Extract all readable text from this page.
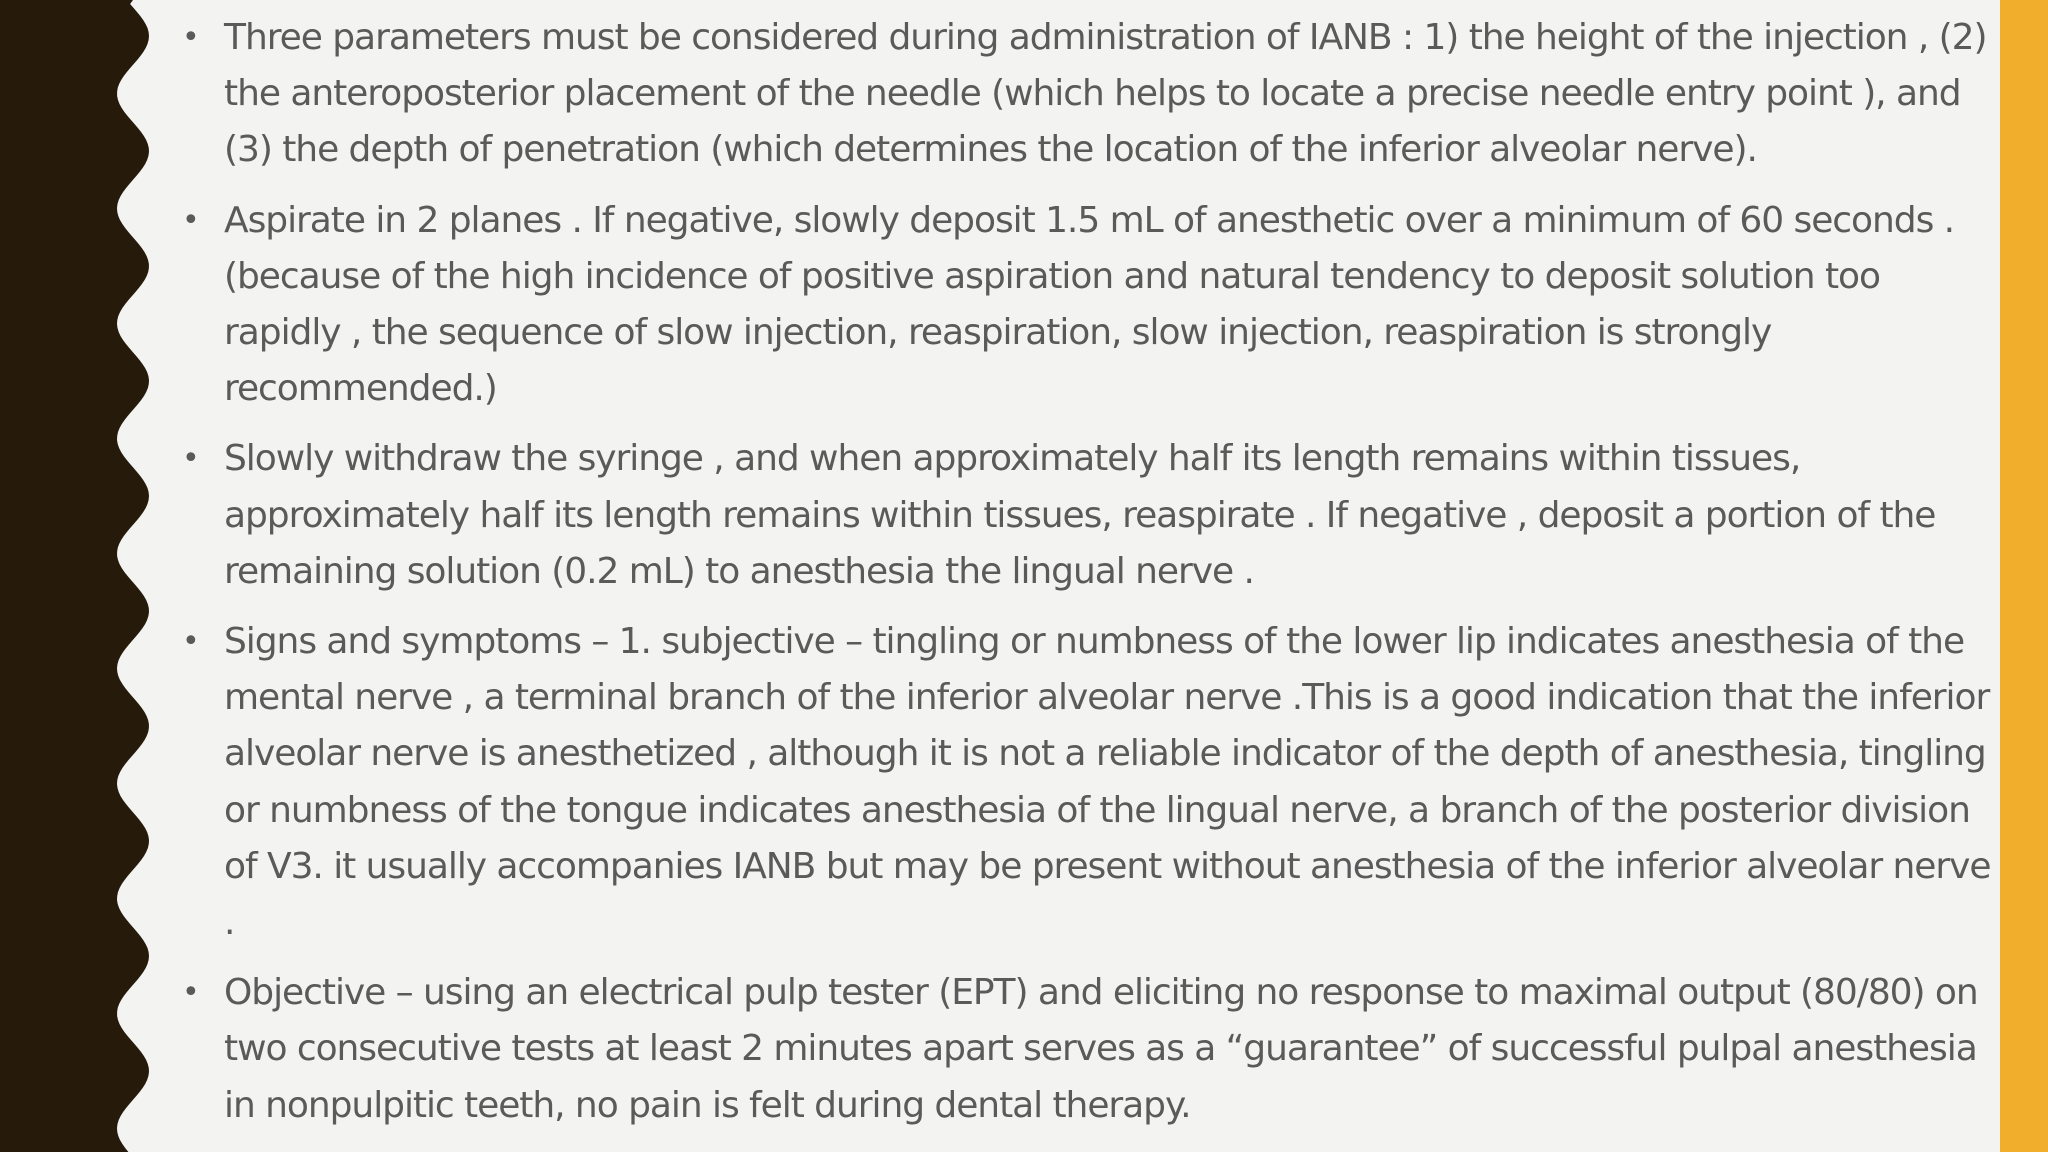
• Three parameters must be considered during administration of IANB : 1) the height of the injection , (2) the anteroposterior placement of the needle (which helps to locate a precise needle entry point ), and (3) the depth of penetration (which determines the location of the inferior alveolar nerve).
• Aspirate in 2 planes . If negative, slowly deposit 1.5 mL of anesthetic over a minimum of 60 seconds .(because of the high incidence of positive aspiration and natural tendency to deposit solution too rapidly , the sequence of slow injection, reaspiration, slow injection, reaspiration is strongly recommended.)
• Slowly withdraw the syringe , and when approximately half its length remains within tissues, approximately half its length remains within tissues, reaspirate . If negative , deposit a portion of the remaining solution (0.2 mL) to anesthesia the lingual nerve .
• Signs and symptoms – 1. subjective – tingling or numbness of the lower lip indicates anesthesia of the mental nerve , a terminal branch of the inferior alveolar nerve .This is a good indication that the inferior alveolar nerve is anesthetized , although it is not a reliable indicator of the depth of anesthesia, tingling or numbness of the tongue indicates anesthesia of the lingual nerve, a branch of the posterior division of V3. it usually accompanies IANB but may be present without anesthesia of the inferior alveolar nerve .
• Objective – using an electrical pulp tester (EPT) and eliciting no response to maximal output (80/80) on two consecutive tests at least 2 minutes apart serves as a “guarantee” of successful pulpal anesthesia in nonpulpitic teeth, no pain is felt during dental therapy.
